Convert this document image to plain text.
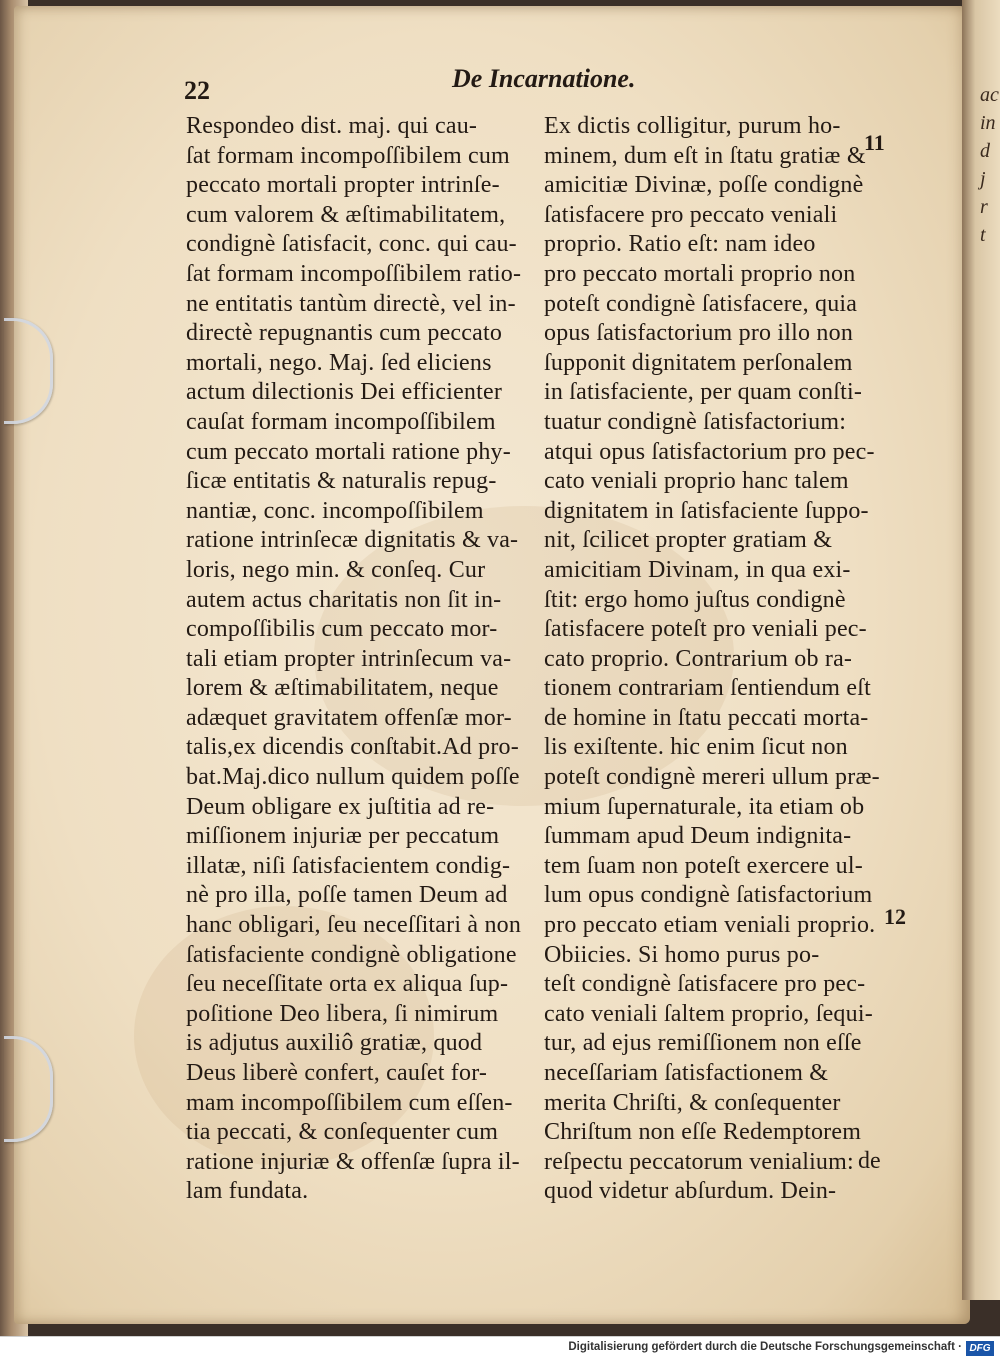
ac
in
d
j
r
t
22	De Incarnatione.
11
12
Respondeo dist. maj. qui cau-
ſat formam incompoſſibilem cum
peccato mortali propter intrinſe-
cum valorem & æſtimabilitatem,
condignè ſatisfacit, conc. qui cau-
ſat formam incompoſſibilem ratio-
ne entitatis tantùm directè, vel in-
directè repugnantis cum peccato
mortali, nego. Maj. ſed eliciens
actum dilectionis Dei efficienter
cauſat formam incompoſſibilem
cum peccato mortali ratione phy-
ſicæ entitatis & naturalis repug-
nantiæ, conc. incompoſſibilem
ratione intrinſecæ dignitatis & va-
loris, nego min. & conſeq. Cur
autem actus charitatis non ſit in-
compoſſibilis cum peccato mor-
tali etiam propter intrinſecum va-
lorem & æſtimabilitatem, neque
adæquet gravitatem offenſæ mor-
talis,ex dicendis conſtabit.Ad pro-
bat.Maj.dico nullum quidem poſſe
Deum obligare ex juſtitia ad re-
miſſionem injuriæ per peccatum
illatæ, niſi ſatisfacientem condig-
nè pro illa, poſſe tamen Deum ad
hanc obligari, ſeu neceſſitari à non
ſatisfaciente condignè obligatione
ſeu neceſſitate orta ex aliqua ſup-
poſitione Deo libera, ſi nimirum
is adjutus auxiliô gratiæ, quod
Deus liberè confert, cauſet for-
mam incompoſſibilem cum eſſen-
tia peccati, & conſequenter cum
ratione injuriæ & offenſæ ſupra il-
lam fundata.
Ex dictis colligitur, purum ho-
minem, dum eſt in ſtatu gratiæ &
amicitiæ Divinæ, poſſe condignè
ſatisfacere pro peccato veniali
proprio. Ratio eſt: nam ideo
pro peccato mortali proprio non
poteſt condignè ſatisfacere, quia
opus ſatisfactorium pro illo non
ſupponit dignitatem perſonalem
in ſatisfaciente, per quam conſti-
tuatur condignè ſatisfactorium:
atqui opus ſatisfactorium pro pec-
cato veniali proprio hanc talem
dignitatem in ſatisfaciente ſuppo-
nit, ſcilicet propter gratiam &
amicitiam Divinam, in qua exi-
ſtit: ergo homo juſtus condignè
ſatisfacere poteſt pro veniali pec-
cato proprio. Contrarium ob ra-
tionem contrariam ſentiendum eſt
de homine in ſtatu peccati morta-
lis exiſtente. hic enim ſicut non
poteſt condignè mereri ullum præ-
mium ſupernaturale, ita etiam ob
ſummam apud Deum indignita-
tem ſuam non poteſt exercere ul-
lum opus condignè ſatisfactorium
pro peccato etiam veniali proprio.
Obiicies. Si homo purus po-
teſt condignè ſatisfacere pro pec-
cato veniali ſaltem proprio, ſequi-
tur, ad ejus remiſſionem non eſſe
neceſſariam ſatisfactionem &
merita Chriſti, & conſequenter
Chriſtum non eſſe Redemptorem
reſpectu peccatorum venialium:
quod videtur abſurdum. Dein-
de
Digitalisierung gefördert durch die Deutsche Forschungsgemeinschaft · DFG
